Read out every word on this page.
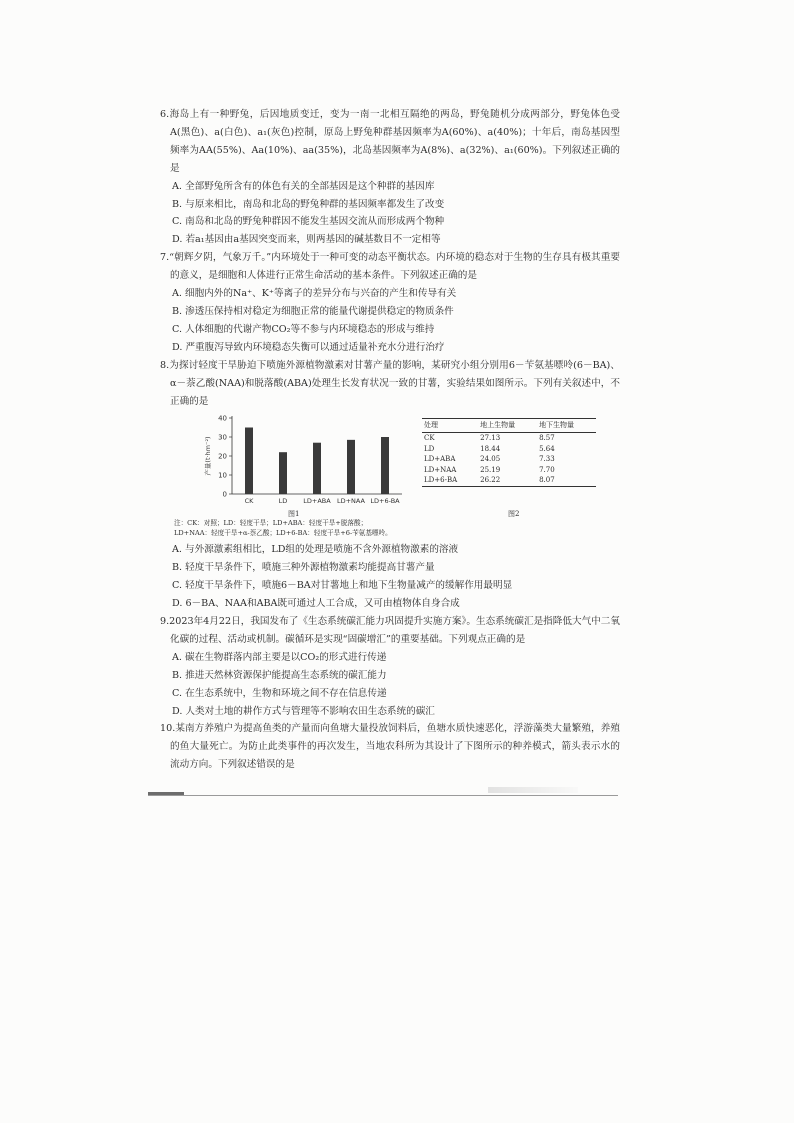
6.海岛上有一种野兔，后因地质变迁，变为一南一北相互隔绝的两岛，野兔随机分成两部分，野兔体色受A(黑色)、a(白色)、a₁(灰色)控制，原岛上野兔种群基因频率为A(60%)、a(40%)；十年后，南岛基因型频率为AA(55%)、Aa(10%)、aa(35%)，北岛基因频率为A(8%)、a(32%)、a₁(60%)。下列叙述正确的是
A. 全部野兔所含有的体色有关的全部基因是这个种群的基因库
B. 与原来相比，南岛和北岛的野兔种群的基因频率都发生了改变
C. 南岛和北岛的野兔种群因不能发生基因交流从而形成两个物种
D. 若a₁基因由a基因突变而来，则两基因的碱基数目不一定相等
7.“朝辉夕阴，气象万千。”内环境处于一种可变的动态平衡状态。内环境的稳态对于生物的生存具有极其重要的意义，是细胞和人体进行正常生命活动的基本条件。下列叙述正确的是
A. 细胞内外的Na⁺、K⁺等离子的差异分布与兴奋的产生和传导有关
B. 渗透压保持相对稳定为细胞正常的能量代谢提供稳定的物质条件
C. 人体细胞的代谢产物CO₂等不参与内环境稳态的形成与维持
D. 严重腹泻导致内环境稳态失衡可以通过适量补充水分进行治疗
8.为探讨轻度干旱胁迫下喷施外源植物激素对甘薯产量的影响，某研究小组分别用6－苄氨基嘌呤(6－BA)、α－萘乙酸(NAA)和脱落酸(ABA)处理生长发育状况一致的甘薯，实验结果如图所示。下列有关叙述中，不正确的是
0
10
20
30
40
产量(t·hm⁻²)
CK	LD LD+ABA LD+NAA LD+6-BA
图1
处理	地上生物量	地下生物量
CK	27.13	8.57
LD	18.44	5.64
LD+ABA	24.05	7.33
LD+NAA	25.19	7.70
LD+6-BA	26.22	8.07
图2
注：CK：对照；LD：轻度干旱；LD+ABA：轻度干旱+脱落酸；
LD+NAA：轻度干旱+α-萘乙酸；LD+6-BA：轻度干旱+6-苄氨基嘌呤。
A. 与外源激素组相比，LD组的处理是喷施不含外源植物激素的溶液
B. 轻度干旱条件下，喷施三种外源植物激素均能提高甘薯产量
C. 轻度干旱条件下，喷施6－BA对甘薯地上和地下生物量减产的缓解作用最明显
D. 6－BA、NAA和ABA既可通过人工合成，又可由植物体自身合成
9.2023年4月22日，我国发布了《生态系统碳汇能力巩固提升实施方案》。生态系统碳汇是指降低大气中二氧化碳的过程、活动或机制。碳循环是实现“固碳增汇”的重要基础。下列观点正确的是
A. 碳在生物群落内部主要是以CO₂的形式进行传递
B. 推进天然林资源保护能提高生态系统的碳汇能力
C. 在生态系统中，生物和环境之间不存在信息传递
D. 人类对土地的耕作方式与管理等不影响农田生态系统的碳汇
10.某南方养殖户为提高鱼类的产量而向鱼塘大量投放饲料后，鱼塘水质快速恶化，浮游藻类大量繁殖，养殖的鱼大量死亡。为防止此类事件的再次发生，当地农科所为其设计了下图所示的种养模式，箭头表示水的流动方向。下列叙述错误的是
